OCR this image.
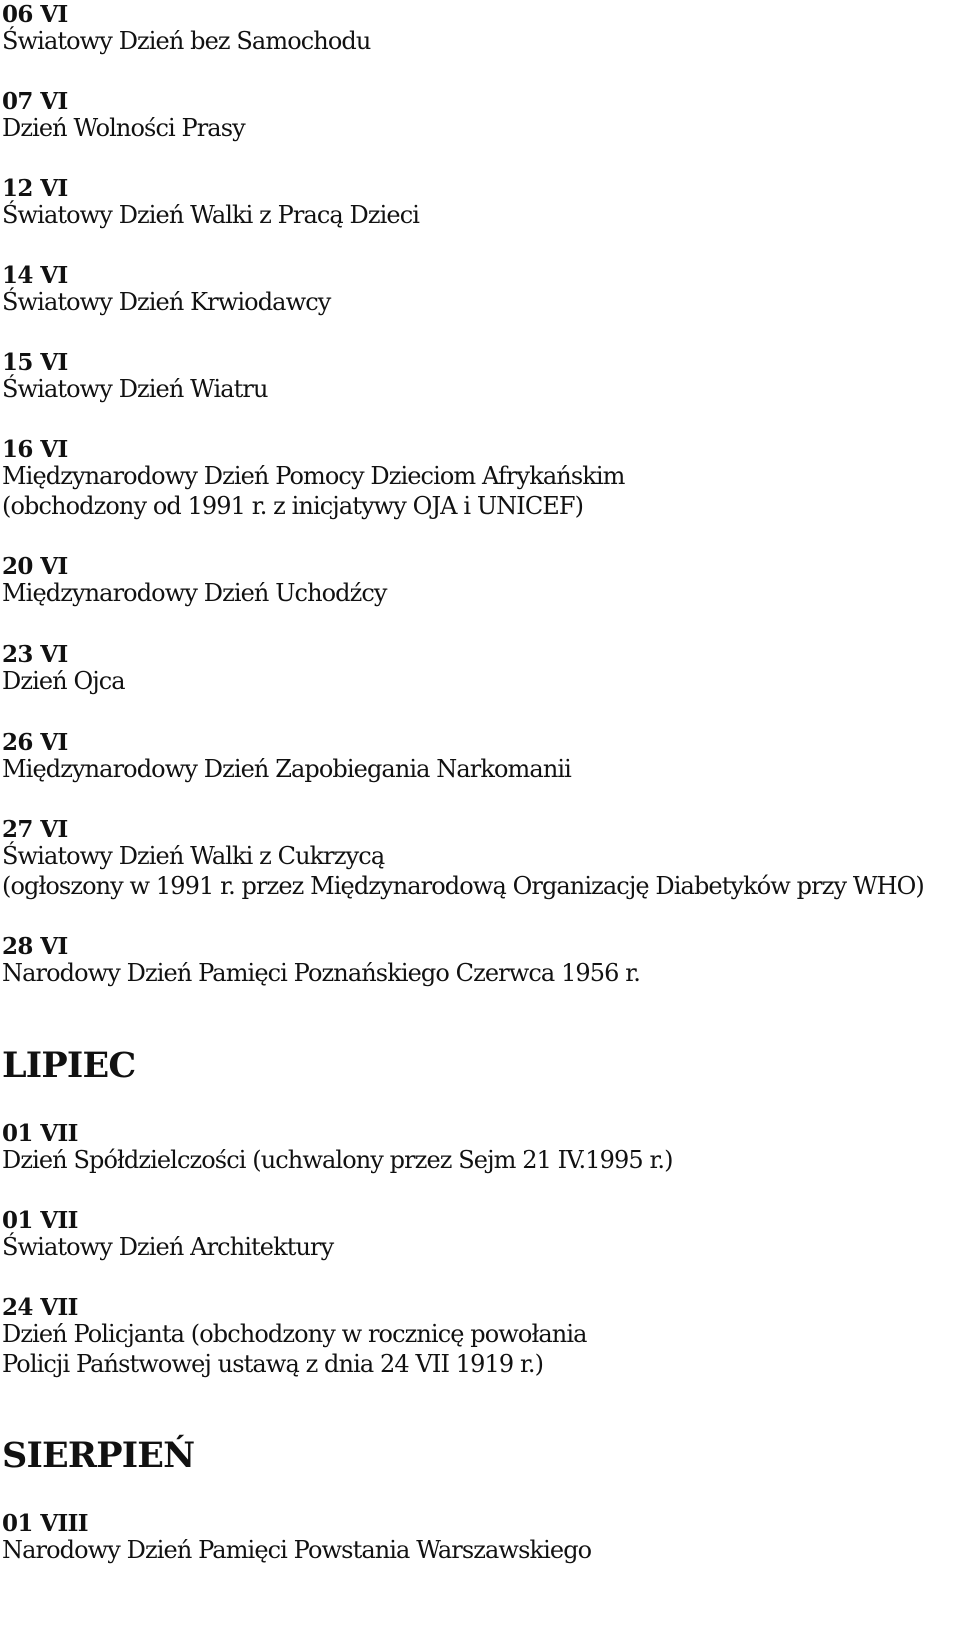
06 VI
Światowy Dzień bez Samochodu
07 VI
Dzień Wolności Prasy
12 VI
Światowy Dzień Walki z Pracą Dzieci
14 VI
Światowy Dzień Krwiodawcy
15 VI
Światowy Dzień Wiatru
16 VI
Międzynarodowy Dzień Pomocy Dzieciom Afrykańskim
(obchodzony od 1991 r. z inicjatywy OJA i UNICEF)
20 VI
Międzynarodowy Dzień Uchodźcy
23 VI
Dzień Ojca
26 VI
Międzynarodowy Dzień Zapobiegania Narkomanii
27 VI
Światowy Dzień Walki z Cukrzycą
(ogłoszony w 1991 r. przez Międzynarodową Organizację Diabetyków przy WHO)
28 VI
Narodowy Dzień Pamięci Poznańskiego Czerwca 1956 r.
LIPIEC
01 VII
Dzień Spółdzielczości (uchwalony przez Sejm 21 IV.1995 r.)
01 VII
Światowy Dzień Architektury
24 VII
Dzień Policjanta (obchodzony w rocznicę powołania
Policji Państwowej ustawą z dnia 24 VII 1919 r.)
SIERPIEŃ
01 VIII
Narodowy Dzień Pamięci Powstania Warszawskiego
